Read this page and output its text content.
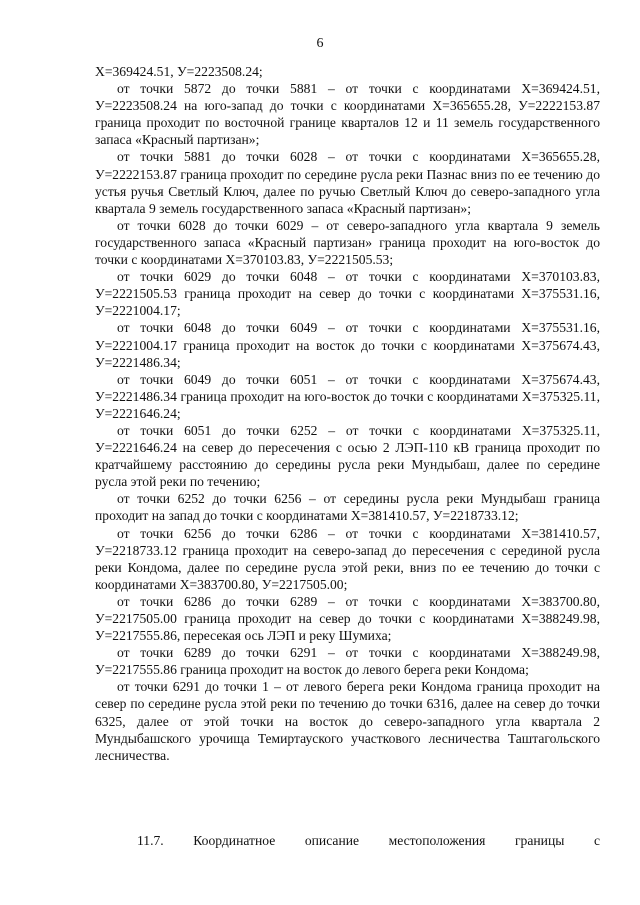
6

Х=369424.51, У=2223508.24;

от точки 5872 до точки 5881 – от точки с координатами Х=369424.51, У=2223508.24 на юго-запад до точки с координатами Х=365655.28, У=2222153.87 граница проходит по восточной границе кварталов 12 и 11 земель государственного запаса «Красный партизан»;

от точки 5881 до точки 6028 – от точки с координатами Х=365655.28, У=2222153.87 граница проходит по середине русла реки Пазнас вниз по ее течению до устья ручья Светлый Ключ, далее по ручью Светлый Ключ до северо-западного угла квартала 9 земель государственного запаса «Красный партизан»;

от точки 6028 до точки 6029 – от северо-западного угла квартала 9 земель государственного запаса «Красный партизан» граница проходит на юго-восток до точки с координатами Х=370103.83, У=2221505.53;

от точки 6029 до точки 6048 – от точки с координатами Х=370103.83, У=2221505.53 граница проходит на север до точки с координатами Х=375531.16, У=2221004.17;

от точки 6048 до точки 6049 – от точки с координатами Х=375531.16, У=2221004.17 граница проходит на восток до точки с координатами Х=375674.43, У=2221486.34;

от точки 6049 до точки 6051 – от точки с координатами Х=375674.43, У=2221486.34 граница проходит на юго-восток до точки с координатами Х=375325.11, У=2221646.24;

от точки 6051 до точки 6252 – от точки с координатами Х=375325.11, У=2221646.24 на север до пересечения с осью 2 ЛЭП-110 кВ граница проходит по кратчайшему расстоянию до середины русла реки Мундыбаш, далее по середине русла этой реки по течению;

от точки 6252 до точки 6256 – от середины русла реки Мундыбаш граница проходит на запад до точки с координатами Х=381410.57, У=2218733.12;

от точки 6256 до точки 6286 – от точки с координатами Х=381410.57, У=2218733.12 граница проходит на северо-запад до пересечения с серединой русла реки Кондома, далее по середине русла этой реки, вниз по ее течению до точки с координатами Х=383700.80, У=2217505.00;

от точки 6286 до точки 6289 – от точки с координатами Х=383700.80, У=2217505.00 граница проходит на север до точки с координатами Х=388249.98, У=2217555.86, пересекая ось ЛЭП и реку Шумиха;

от точки 6289 до точки 6291 – от точки с координатами Х=388249.98, У=2217555.86 граница проходит на восток до левого берега реки Кондома;

от точки 6291 до точки 1 – от левого берега реки Кондома граница проходит на север по середине русла этой реки по течению до точки 6316, далее на север до точки 6325, далее от этой точки на восток до северо-западного угла квартала 2 Мундыбашского урочища Темиртауского участкового лесничества Таштагольского лесничества.

11.7. Координатное описание местоположения границы с
